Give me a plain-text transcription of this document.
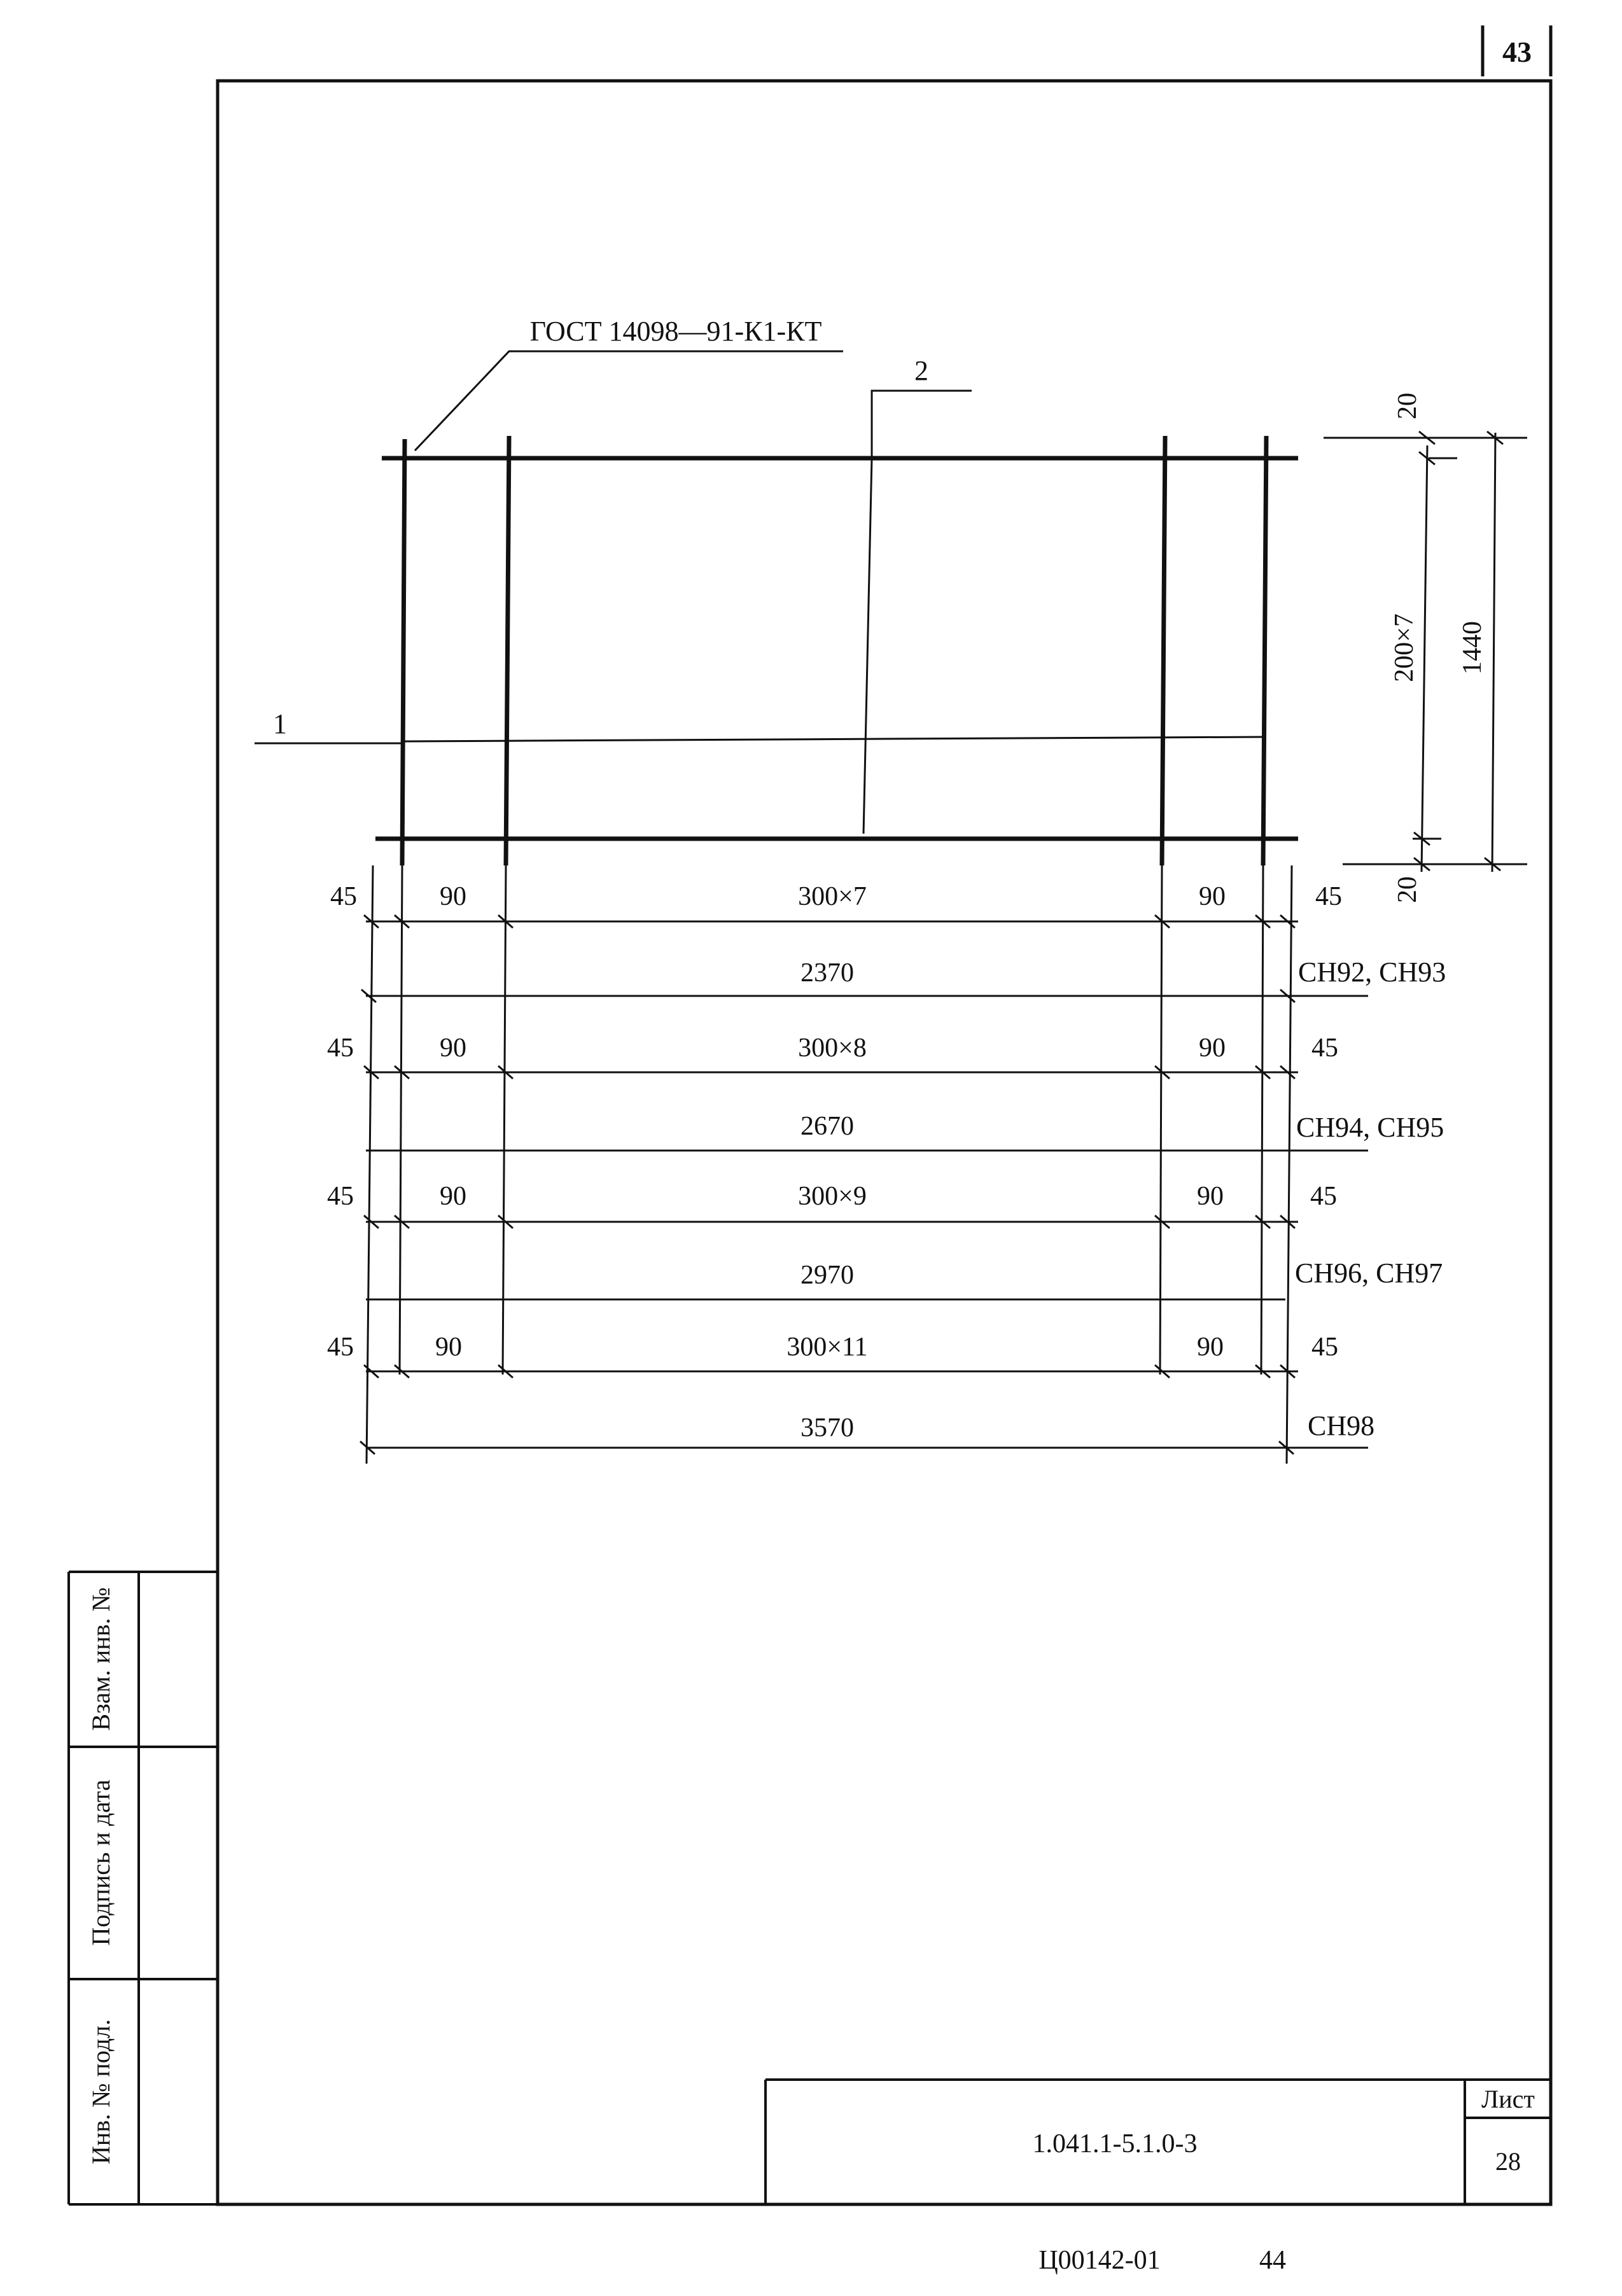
43
Взам. инв. №
Подпись и дата
Инв. № подл.	1.041.1-5.1.0-3
Лист
28
Ц00142-01	44
ГОСТ 14098—91-К1-КТ
2
1
20
20
200×7 1440
45	90	300×7	90	45
2370	СН92, СН93
45	90	300×8	90	45
2670	СН94, СН95
45	90	300×9	90	45
2970	СН96, СН97
45	90	300×11	90	45
3570	СН98
